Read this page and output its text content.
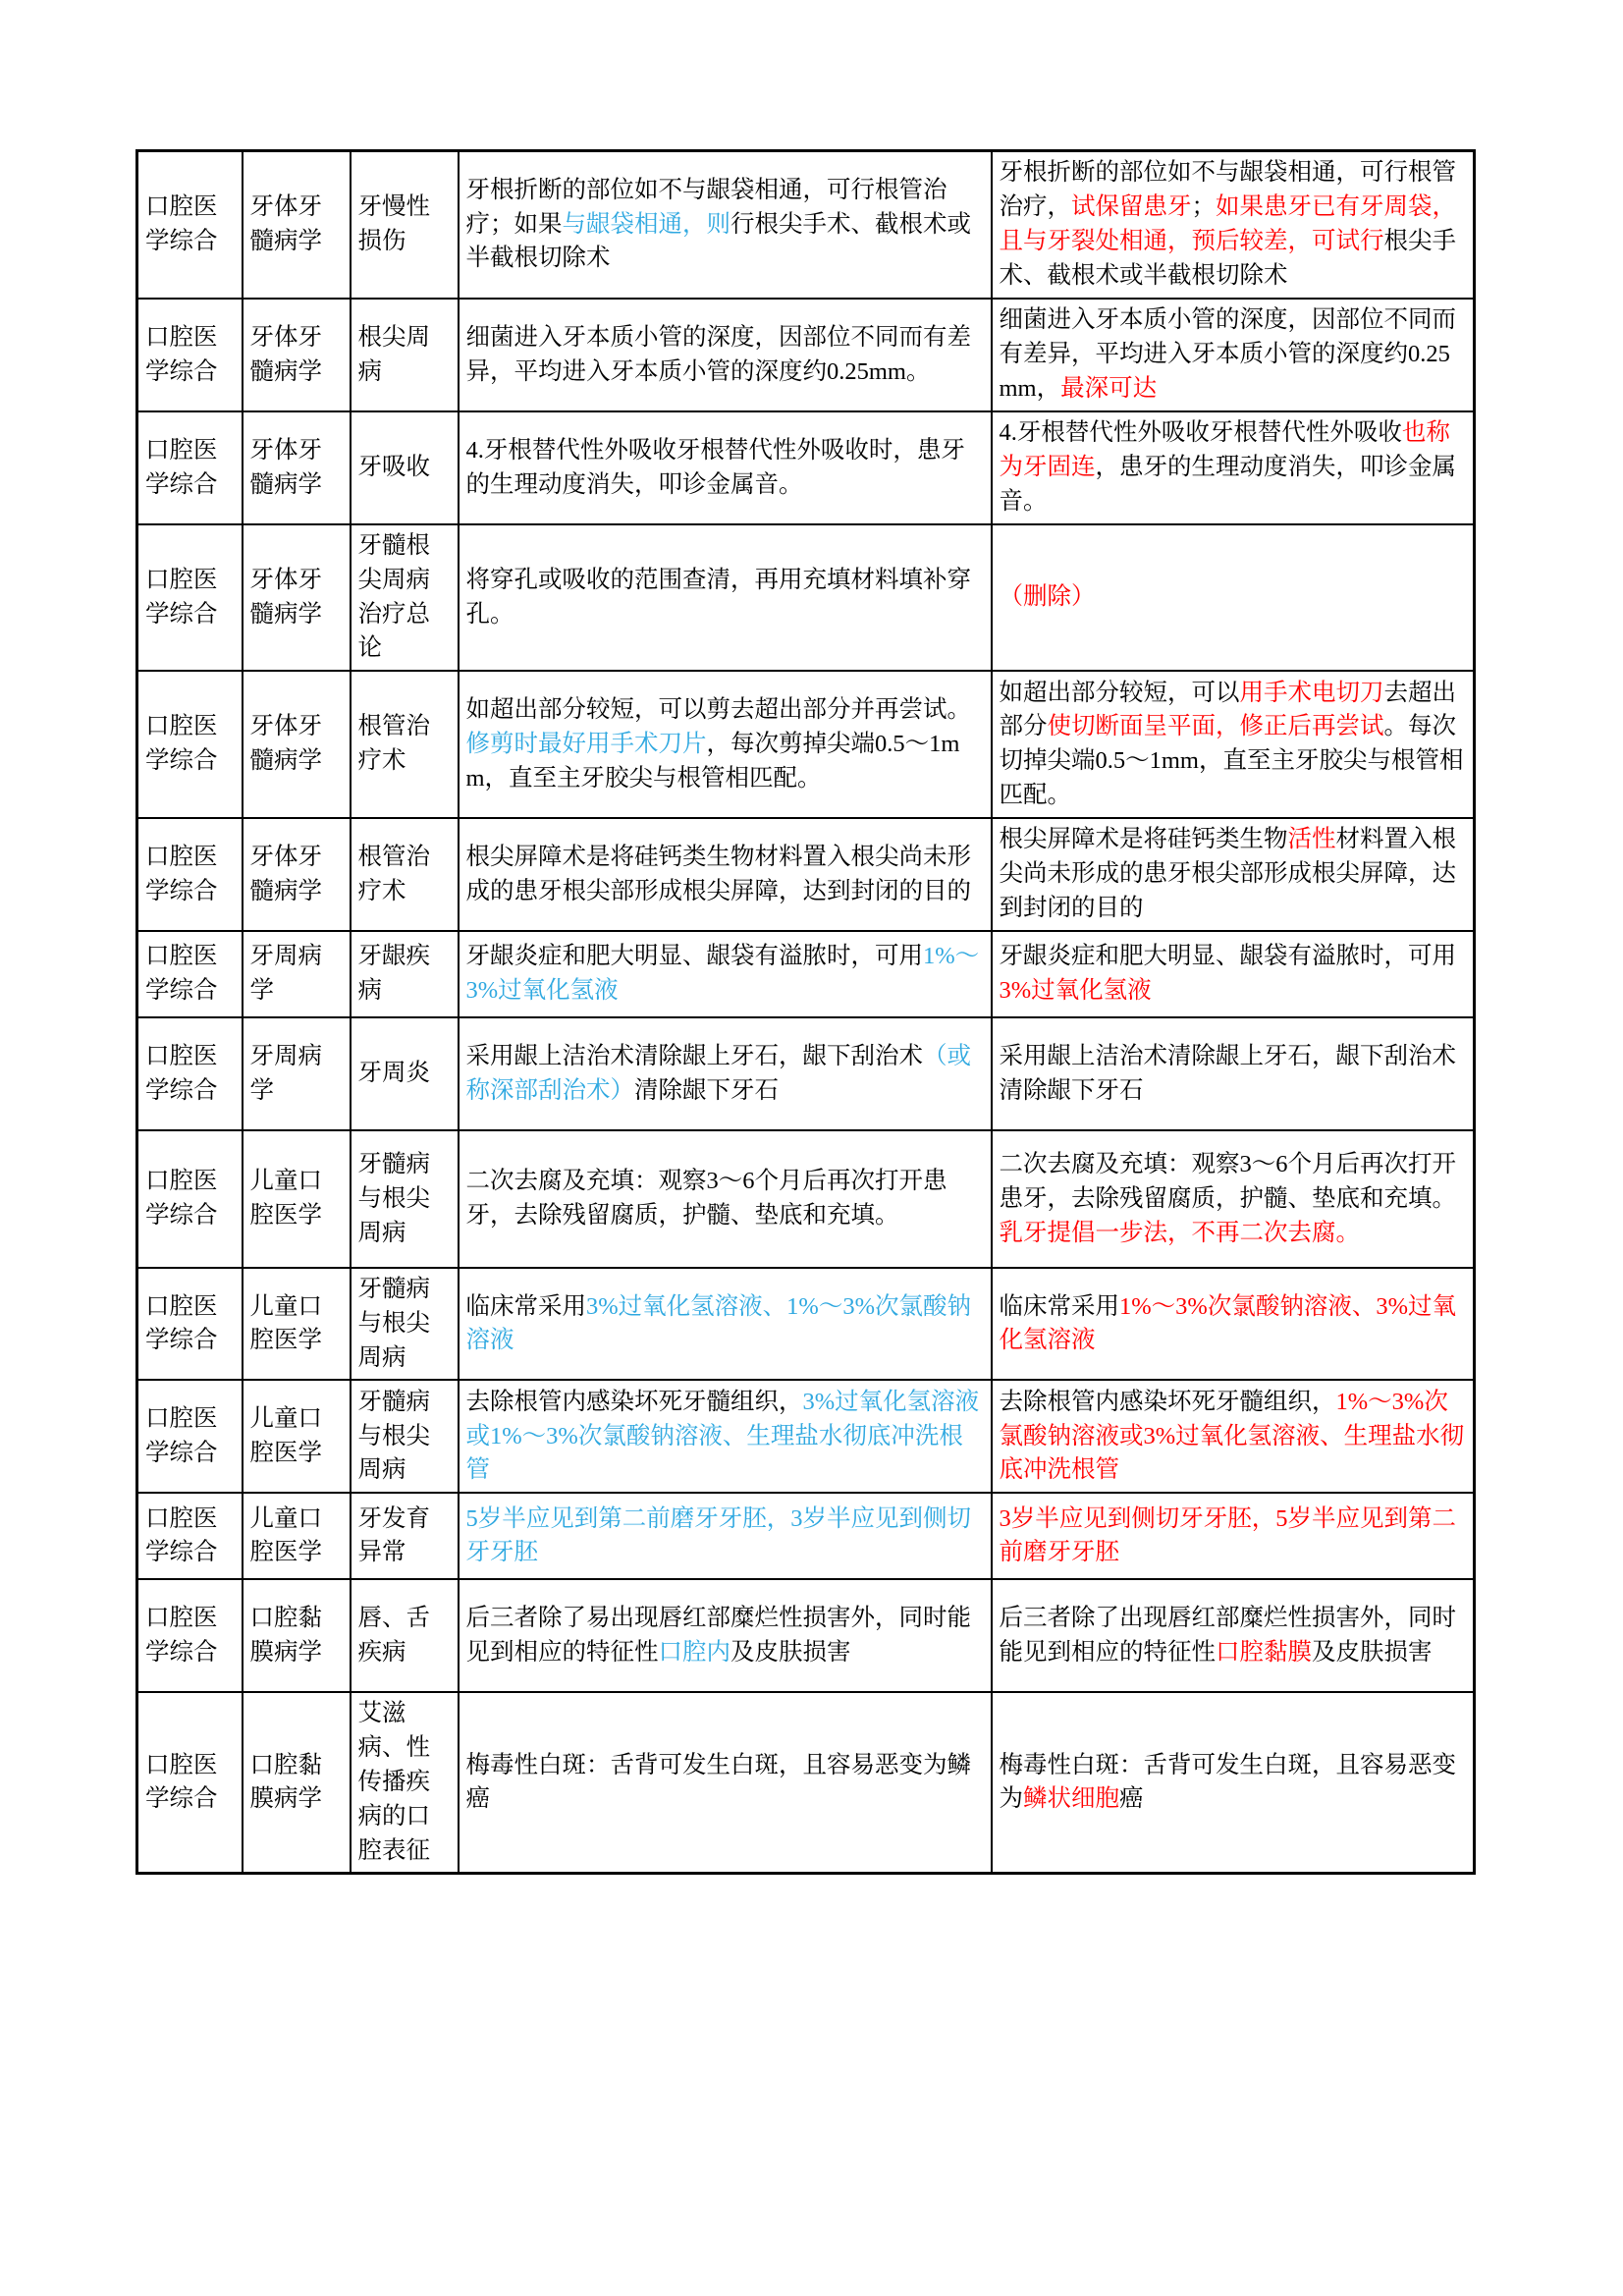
口腔医学综合	牙体牙髓病学	牙慢性损伤	牙根折断的部位如不与龈袋相通，可行根管治疗；如果与龈袋相通，则行根尖手术、截根术或半截根切除术	牙根折断的部位如不与龈袋相通，可行根管治疗，试保留患牙；如果患牙已有牙周袋，且与牙裂处相通，预后较差，可试行根尖手术、截根术或半截根切除术
口腔医学综合	牙体牙髓病学	根尖周病	细菌进入牙本质小管的深度，因部位不同而有差异，平均进入牙本质小管的深度约0.25mm。	细菌进入牙本质小管的深度，因部位不同而有差异，平均进入牙本质小管的深度约0.25mm，最深可达
口腔医学综合	牙体牙髓病学	牙吸收	4.牙根替代性外吸收牙根替代性外吸收时，患牙的生理动度消失，叩诊金属音。	4.牙根替代性外吸收牙根替代性外吸收也称为牙固连，患牙的生理动度消失，叩诊金属音。
口腔医学综合	牙体牙髓病学	牙髓根尖周病治疗总论	将穿孔或吸收的范围查清，再用充填材料填补穿孔。	（删除）
口腔医学综合	牙体牙髓病学	根管治疗术	如超出部分较短，可以剪去超出部分并再尝试。修剪时最好用手术刀片，每次剪掉尖端0.5～1mm，直至主牙胶尖与根管相匹配。	如超出部分较短，可以用手术电切刀去超出部分使切断面呈平面，修正后再尝试。每次切掉尖端0.5～1mm，直至主牙胶尖与根管相匹配。
口腔医学综合	牙体牙髓病学	根管治疗术	根尖屏障术是将硅钙类生物材料置入根尖尚未形成的患牙根尖部形成根尖屏障，达到封闭的目的	根尖屏障术是将硅钙类生物活性材料置入根尖尚未形成的患牙根尖部形成根尖屏障，达到封闭的目的
口腔医学综合	牙周病学	牙龈疾病	牙龈炎症和肥大明显、龈袋有溢脓时，可用1%～3%过氧化氢液	牙龈炎症和肥大明显、龈袋有溢脓时，可用3%过氧化氢液
口腔医学综合	牙周病学	牙周炎	采用龈上洁治术清除龈上牙石，龈下刮治术（或称深部刮治术）清除龈下牙石	采用龈上洁治术清除龈上牙石，龈下刮治术清除龈下牙石
口腔医学综合	儿童口腔医学	牙髓病与根尖周病	二次去腐及充填：观察3～6个月后再次打开患牙，去除残留腐质，护髓、垫底和充填。	二次去腐及充填：观察3～6个月后再次打开患牙，去除残留腐质，护髓、垫底和充填。乳牙提倡一步法，不再二次去腐。
口腔医学综合	儿童口腔医学	牙髓病与根尖周病	临床常采用3%过氧化氢溶液、1%～3%次氯酸钠溶液	临床常采用1%～3%次氯酸钠溶液、3%过氧化氢溶液
口腔医学综合	儿童口腔医学	牙髓病与根尖周病	去除根管内感染坏死牙髓组织，3%过氧化氢溶液或1%～3%次氯酸钠溶液、生理盐水彻底冲洗根管	去除根管内感染坏死牙髓组织，1%～3%次氯酸钠溶液或3%过氧化氢溶液、生理盐水彻底冲洗根管
口腔医学综合	儿童口腔医学	牙发育异常	5岁半应见到第二前磨牙牙胚，3岁半应见到侧切牙牙胚	3岁半应见到侧切牙牙胚，5岁半应见到第二前磨牙牙胚
口腔医学综合	口腔黏膜病学	唇、舌疾病	后三者除了易出现唇红部糜烂性损害外，同时能见到相应的特征性口腔内及皮肤损害	后三者除了出现唇红部糜烂性损害外，同时能见到相应的特征性口腔黏膜及皮肤损害
口腔医学综合	口腔黏膜病学	艾滋病、性传播疾病的口腔表征	梅毒性白斑：舌背可发生白斑，且容易恶变为鳞癌	梅毒性白斑：舌背可发生白斑，且容易恶变为鳞状细胞癌
